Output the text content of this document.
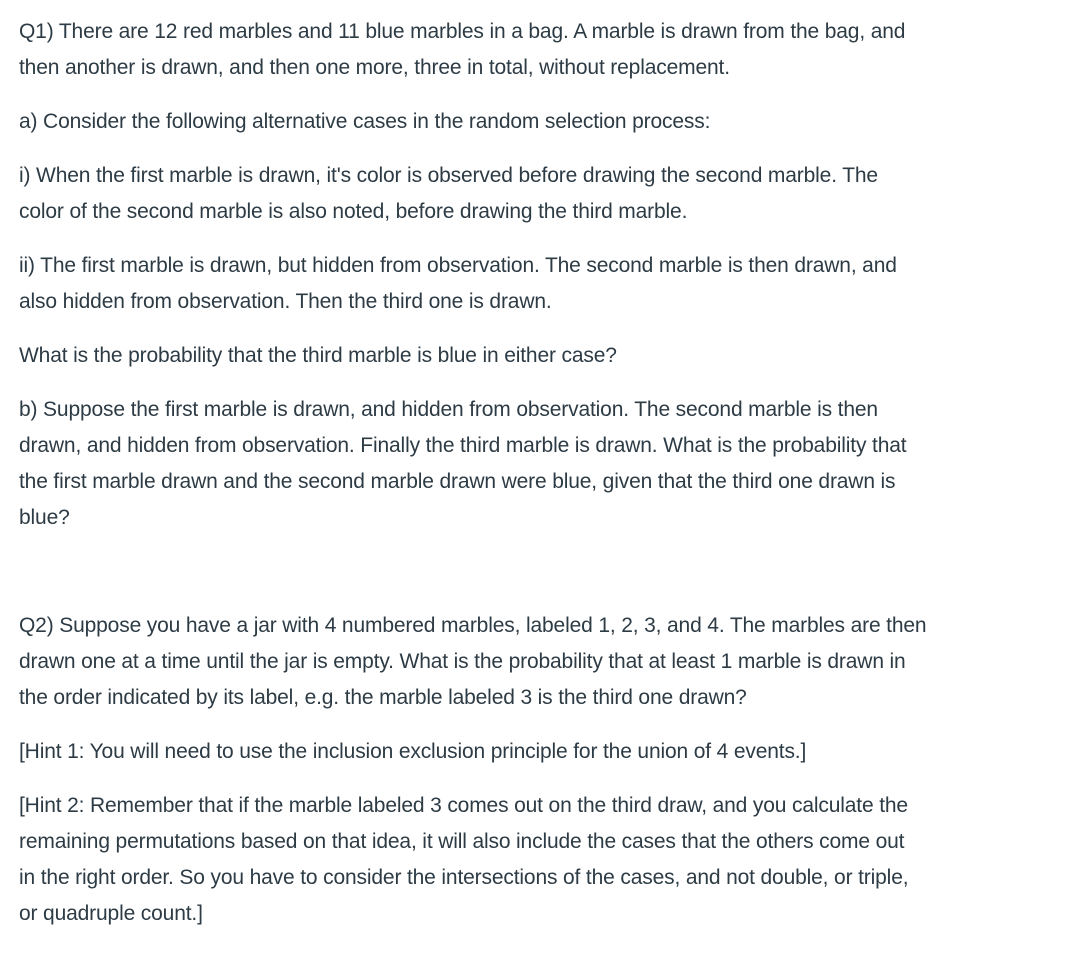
Q1) There are 12 red marbles and 11 blue marbles in a bag. A marble is drawn from the bag, and
then another is drawn, and then one more, three in total, without replacement.

a) Consider the following alternative cases in the random selection process:

i) When the first marble is drawn, it's color is observed before drawing the second marble. The
color of the second marble is also noted, before drawing the third marble.

ii) The first marble is drawn, but hidden from observation. The second marble is then drawn, and
also hidden from observation. Then the third one is drawn.

What is the probability that the third marble is blue in either case?

b) Suppose the first marble is drawn, and hidden from observation. The second marble is then
drawn, and hidden from observation. Finally the third marble is drawn. What is the probability that
the first marble drawn and the second marble drawn were blue, given that the third one drawn is
blue?

Q2) Suppose you have a jar with 4 numbered marbles, labeled 1, 2, 3, and 4. The marbles are then
drawn one at a time until the jar is empty. What is the probability that at least 1 marble is drawn in
the order indicated by its label, e.g. the marble labeled 3 is the third one drawn?

[Hint 1: You will need to use the inclusion exclusion principle for the union of 4 events.]

[Hint 2: Remember that if the marble labeled 3 comes out on the third draw, and you calculate the
remaining permutations based on that idea, it will also include the cases that the others come out
in the right order. So you have to consider the intersections of the cases, and not double, or triple,
or quadruple count.]
